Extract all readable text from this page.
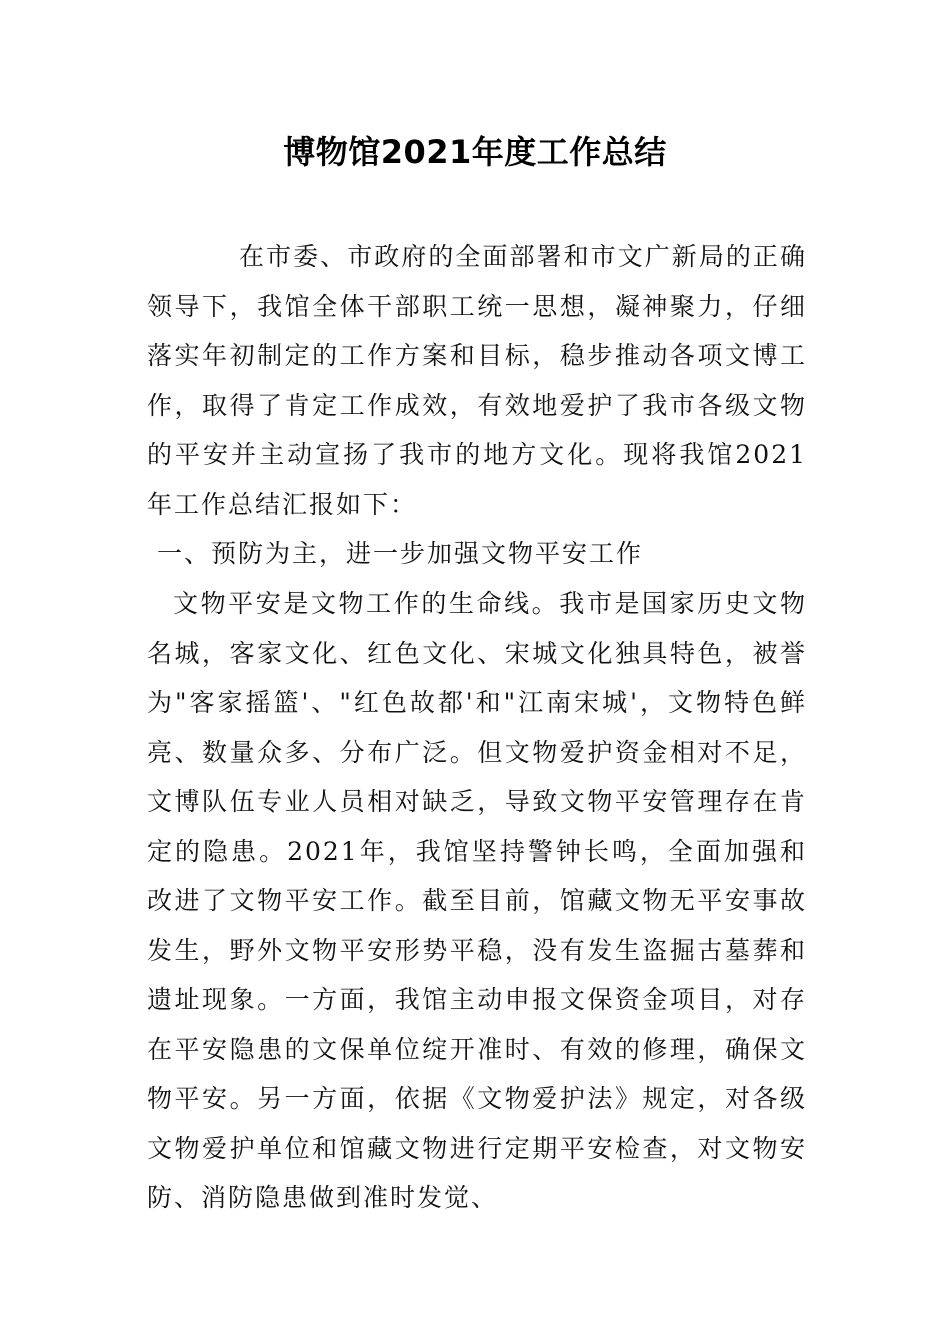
博物馆2021年度工作总结
在市委、市政府的全面部署和市文广新局的正确领导下，我馆全体干部职工统一思想，凝神聚力，仔细落实年初制定的工作方案和目标，稳步推动各项文博工作，取得了肯定工作成效，有效地爱护了我市各级文物的平安并主动宣扬了我市的地方文化。现将我馆2021年工作总结汇报如下：
一、预防为主，进一步加强文物平安工作
文物平安是文物工作的生命线。我市是国家历史文物名城，客家文化、红色文化、宋城文化独具特色，被誉为"客家摇篮'、"红色故都'和"江南宋城'，文物特色鲜亮、数量众多、分布广泛。但文物爱护资金相对不足，文博队伍专业人员相对缺乏，导致文物平安管理存在肯定的隐患。2021年，我馆坚持警钟长鸣，全面加强和改进了文物平安工作。截至目前，馆藏文物无平安事故发生，野外文物平安形势平稳，没有发生盗掘古墓葬和遗址现象。一方面，我馆主动申报文保资金项目，对存在平安隐患的文保单位绽开准时、有效的修理，确保文物平安。另一方面，依据《文物爱护法》规定，对各级文物爱护单位和馆藏文物进行定期平安检查，对文物安防、消防隐患做到准时发觉、
